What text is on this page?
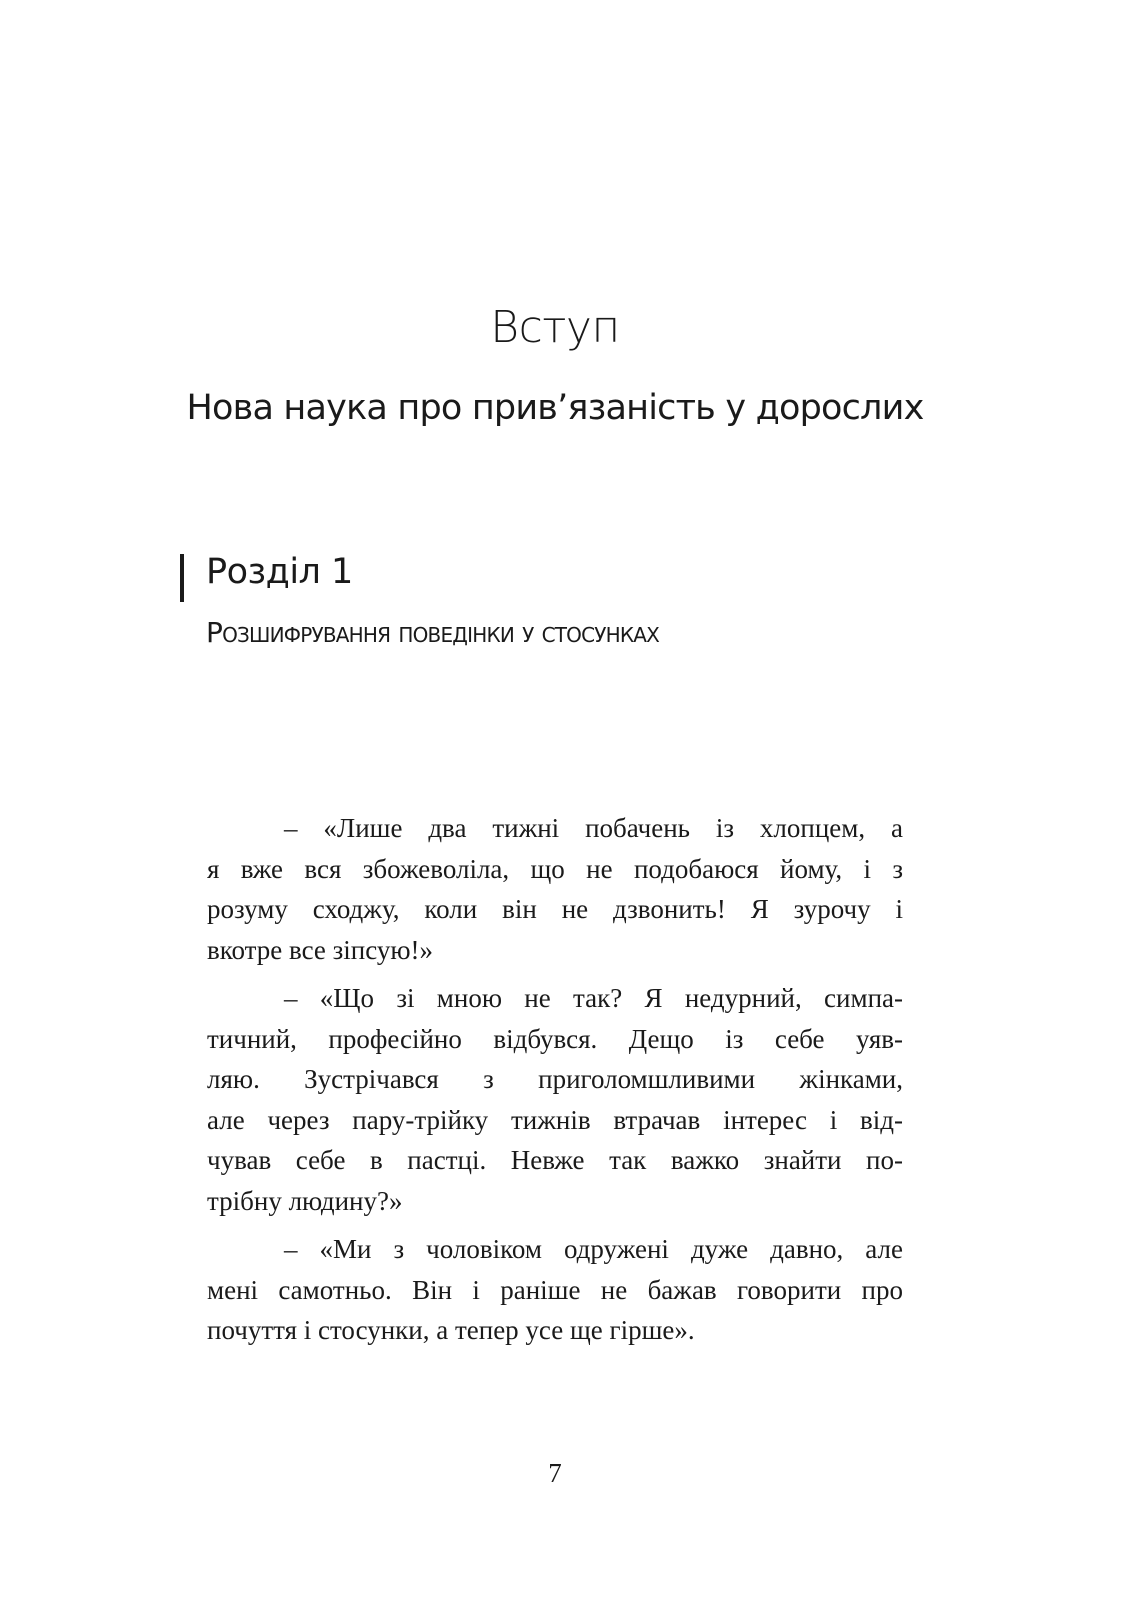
Вступ
Нова наука про прив’язаність у дорослих
Розділ 1
Розшифрування поведінки у стосунках
– «Лише два тижні побачень із хлопцем, а
я вже вся збожеволіла, що не подобаюся йому, і з
розуму сходжу, коли він не дзвонить! Я зурочу і
вкотре все зіпсую!»
– «Що зі мною не так? Я недурний, симпа-
тичний, професійно відбувся. Дещо із себе уяв-
ляю. Зустрічався з приголомшливими жінками,
але через пару-трійку тижнів втрачав інтерес і від-
чував себе в пастці. Невже так важко знайти по-
трібну людину?»
– «Ми з чоловіком одружені дуже давно, але
мені самотньо. Він і раніше не бажав говорити про
почуття і стосунки, а тепер усе ще гірше».
7
